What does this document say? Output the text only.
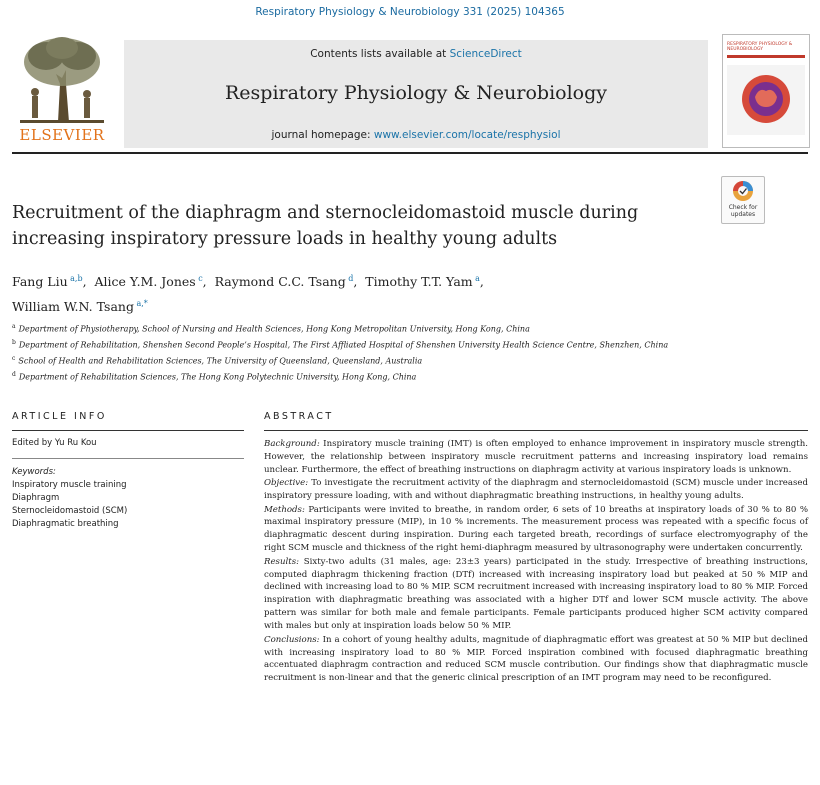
Respiratory Physiology & Neurobiology 331 (2025) 104365
ELSEVIER
Contents lists available at ScienceDirect
Respiratory Physiology & Neurobiology
journal homepage: www.elsevier.com/locate/resphysiol
RESPIRATORY PHYSIOLOGY & NEUROBIOLOGY
Recruitment of the diaphragm and sternocleidomastoid muscle during
increasing inspiratory pressure loads in healthy young adults
Check for
updates
Fang Liu  $^{a,b}$, Alice Y.M. Jones  $^c$, Raymond C.C. Tsang  $^d$, Timothy T.T. Yam  $^a$,
William W.N. Tsang  $^{a,*}$
$^a$ Department of Physiotherapy, School of Nursing and Health Sciences, Hong Kong Metropolitan University, Hong Kong, China
$^b$ Department of Rehabilitation, Shenshen Second People’s Hospital, The First Affliated Hospital of Shenshen University Health Science Centre, Shenzhen, China
$^c$ School of Health and Rehabilitation Sciences, The University of Queensland, Queensland, Australia
$^d$ Department of Rehabilitation Sciences, The Hong Kong Polytechnic University, Hong Kong, China
ARTICLE INFO
Edited by Yu Ru Kou
Keywords:
Inspiratory muscle training
Diaphragm
Sternocleidomastoid (SCM)
Diaphragmatic breathing
ABSTRACT

Background: Inspiratory muscle training (IMT) is often employed to enhance improvement in inspiratory muscle strength. However, the relationship between inspiratory muscle recruitment patterns and increasing inspiratory load remains unclear. Furthermore, the effect of breathing instructions on diaphragm activity at various inspiratory loads is unknown.

Objective: To investigate the recruitment activity of the diaphragm and sternocleidomastoid (SCM) muscle under increased inspiratory pressure loading, with and without diaphragmatic breathing instructions, in healthy young adults.

Methods: Participants were invited to breathe, in random order, 6 sets of 10 breaths at inspiratory loads of 30 % to 80 % maximal inspiratory pressure (MIP), in 10 % increments. The measurement process was repeated with a specific focus of diaphragmatic descent during inspiration. During each targeted breath, recordings of surface electromyography of the right SCM muscle and thickness of the right hemi-diaphragm measured by ultrasonography were undertaken concurrently.

Results: Sixty-two adults (31 males, age: 23±3 years) participated in the study. Irrespective of breathing instructions, computed diaphragm thickening fraction (DTf) increased with increasing inspiratory load but peaked at 50 % MIP and declined with increasing load to 80 % MIP. SCM recruitment increased with increasing inspiratory load to 80 % MIP. Forced inspiration with diaphragmatic breathing was associated with a higher DTf and lower SCM muscle activity. The above pattern was similar for both male and female participants. Female participants produced higher SCM activity compared with males but only at inspiration loads below 50 % MIP.

Conclusions: In a cohort of young healthy adults, magnitude of diaphragmatic effort was greatest at 50 % MIP but declined with increasing inspiratory load to 80 % MIP. Forced inspiration combined with focused diaphragmatic breathing accentuated diaphragm contraction and reduced SCM muscle contribution. Our findings show that diaphragmatic muscle recruitment is non-linear and that the generic clinical prescription of an IMT program may need to be reconfigured.
